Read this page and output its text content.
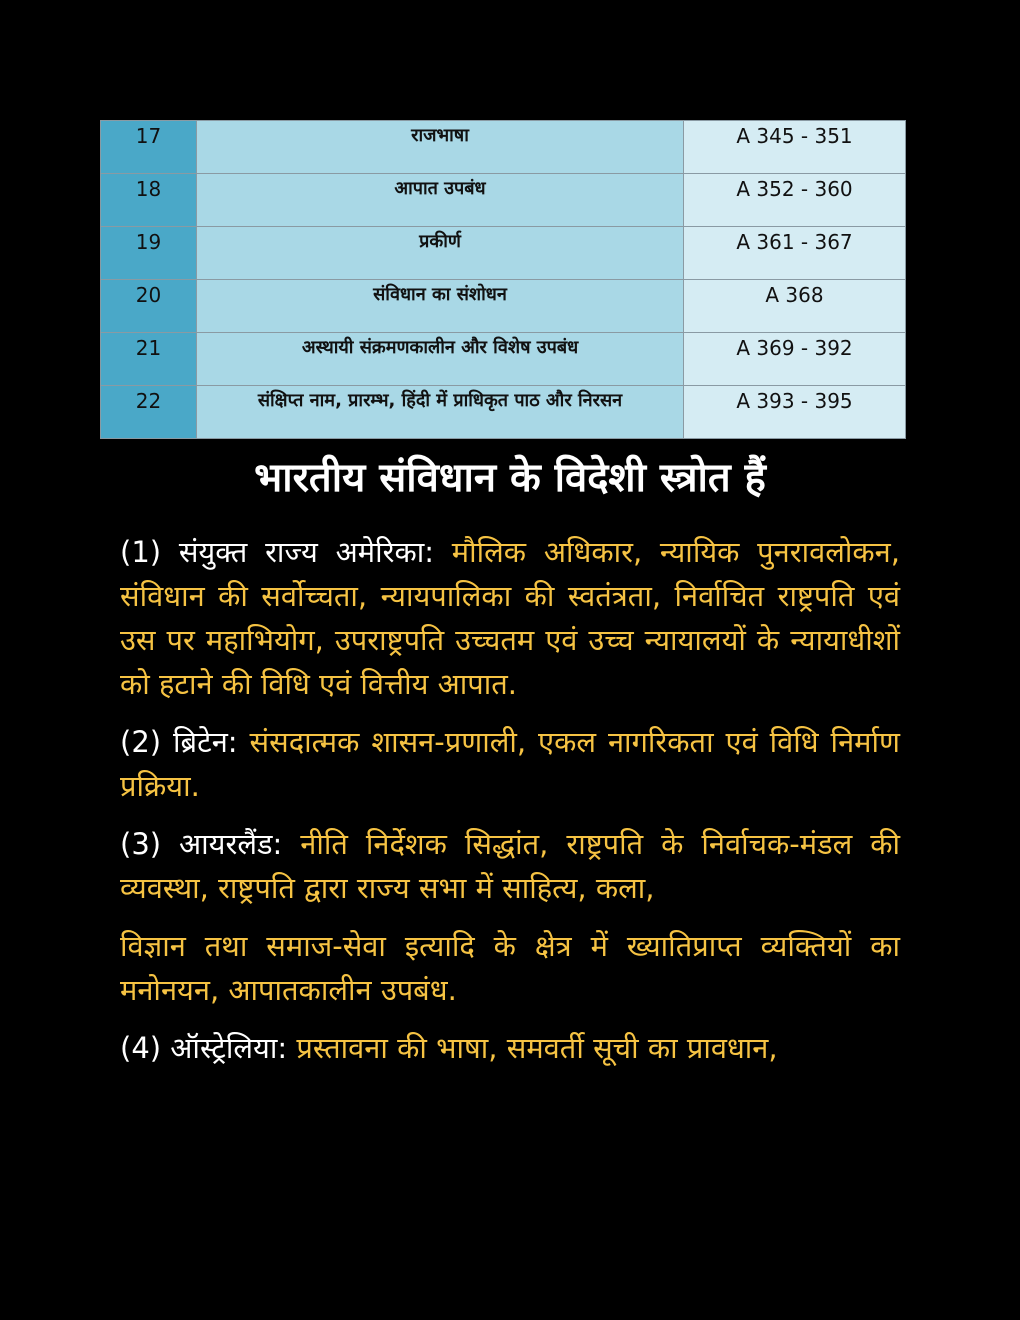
17	राजभाषा	A 345 - 351
18	आपात उपबंध	A 352 - 360
19	प्रकीर्ण	A 361 - 367
20	संविधान का संशोधन	A 368
21	अस्थायी संक्रमणकालीन और विशेष उपबंध	A 369 - 392
22	संक्षिप्त नाम, प्रारम्भ, हिंदी में प्राधिकृत पाठ और निरसन	A 393 - 395
भारतीय संविधान के विदेशी स्त्रोत हैं

(1) संयुक्त राज्य अमेरिका: मौलिक अधिकार, न्यायिक पुनरावलोकन, संविधान की सर्वोच्चता, न्यायपालिका की स्वतंत्रता, निर्वाचित राष्ट्रपति एवं उस पर महाभियोग, उपराष्ट्रपति उच्चतम एवं उच्च न्यायालयों के न्यायाधीशों को हटाने की विधि एवं वित्तीय आपात.

(2) ब्रिटेन: संसदात्मक शासन-प्रणाली, एकल नागरिकता एवं विधि निर्माण प्रक्रिया.

(3) आयरलैंड: नीति निर्देशक सिद्धांत, राष्ट्रपति के निर्वाचक-मंडल की व्यवस्था, राष्ट्रपति द्वारा राज्य सभा में साहित्य, कला,

विज्ञान तथा समाज-सेवा इत्यादि के क्षेत्र में ख्यातिप्राप्त व्यक्तियों का मनोनयन, आपातकालीन उपबंध.

(4) ऑस्ट्रेलिया: प्रस्तावना की भाषा, समवर्ती सूची का प्रावधान,
